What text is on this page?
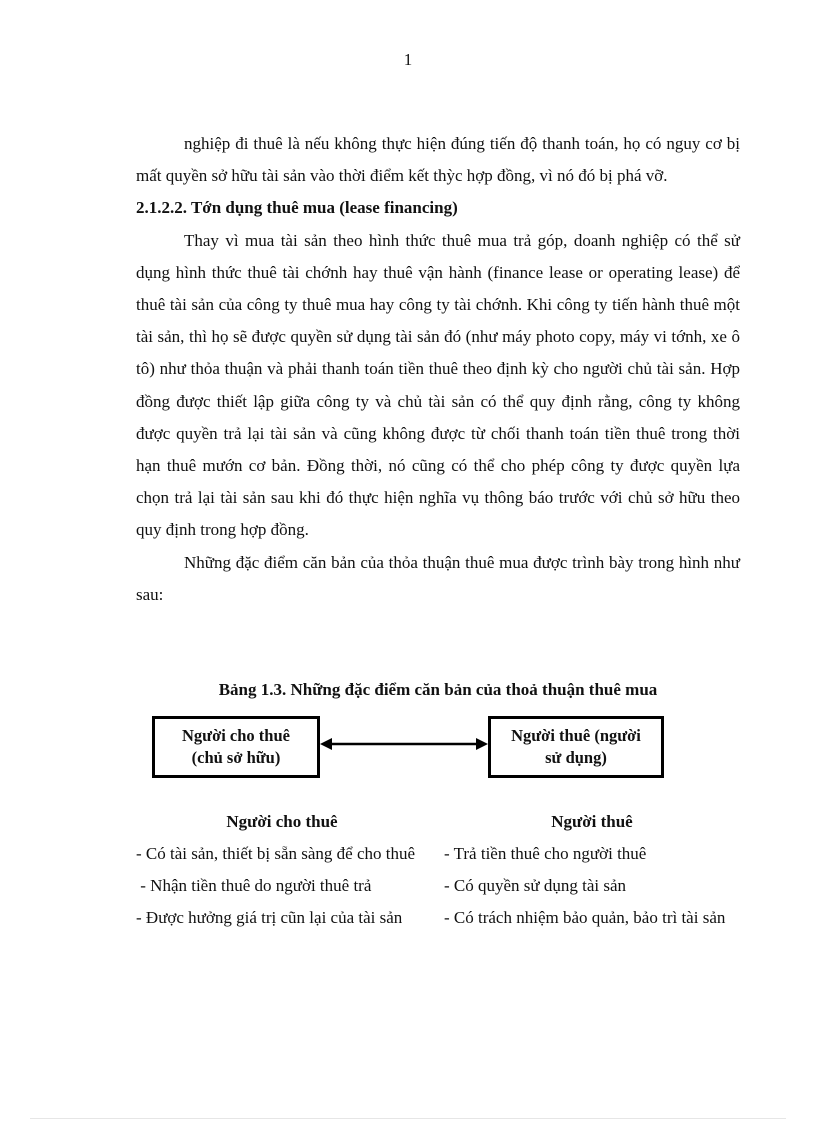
1

nghiệp đi thuê là nếu không thực hiện đúng tiến độ thanh toán, họ có nguy cơ bị mất quyền sở hữu tài sản vào thời điểm kết thỳc hợp đồng, vì nó đó bị phá vỡ.

2.1.2.2. Tớn dụng thuê mua (lease financing)

Thay vì mua tài sản theo hình thức thuê mua trả góp, doanh nghiệp có thể sử dụng hình thức thuê tài chớnh hay thuê vận hành (finance lease or operating lease) để thuê tài sản của công ty thuê mua hay công ty tài chớnh. Khi công ty tiến hành thuê một tài sản, thì họ sẽ được quyền sử dụng tài sản đó (như máy photo copy, máy vi tớnh, xe ô tô) như thỏa thuận và phải thanh toán tiền thuê theo định kỳ cho người chủ tài sản. Hợp đồng được thiết lập giữa công ty và chủ tài sản có thể quy định rằng, công ty không được quyền trả lại tài sản và cũng không được từ chối thanh toán tiền thuê trong thời hạn thuê mướn cơ bản. Đồng thời, nó cũng có thể cho phép công ty được quyền lựa chọn trả lại tài sản sau khi đó thực hiện nghĩa vụ thông báo trước với chủ sở hữu theo quy định trong hợp đồng.

Những đặc điểm căn bản của thỏa thuận thuê mua được trình bày trong hình như sau:

Bảng 1.3. Những đặc điểm căn bản của thoả thuận thuê mua
Người cho thuê
(chủ sở hữu)
Người thuê (người
sử dụng)

Người cho thuê

- Có tài sản, thiết bị sẵn sàng để cho thuê

- Nhận tiền thuê do người thuê trả

- Được hưởng giá trị cũn lại của tài sản

Người thuê

- Trả tiền thuê cho người thuê

- Có quyền sử dụng tài sản

- Có trách nhiệm bảo quản, bảo trì tài sản
